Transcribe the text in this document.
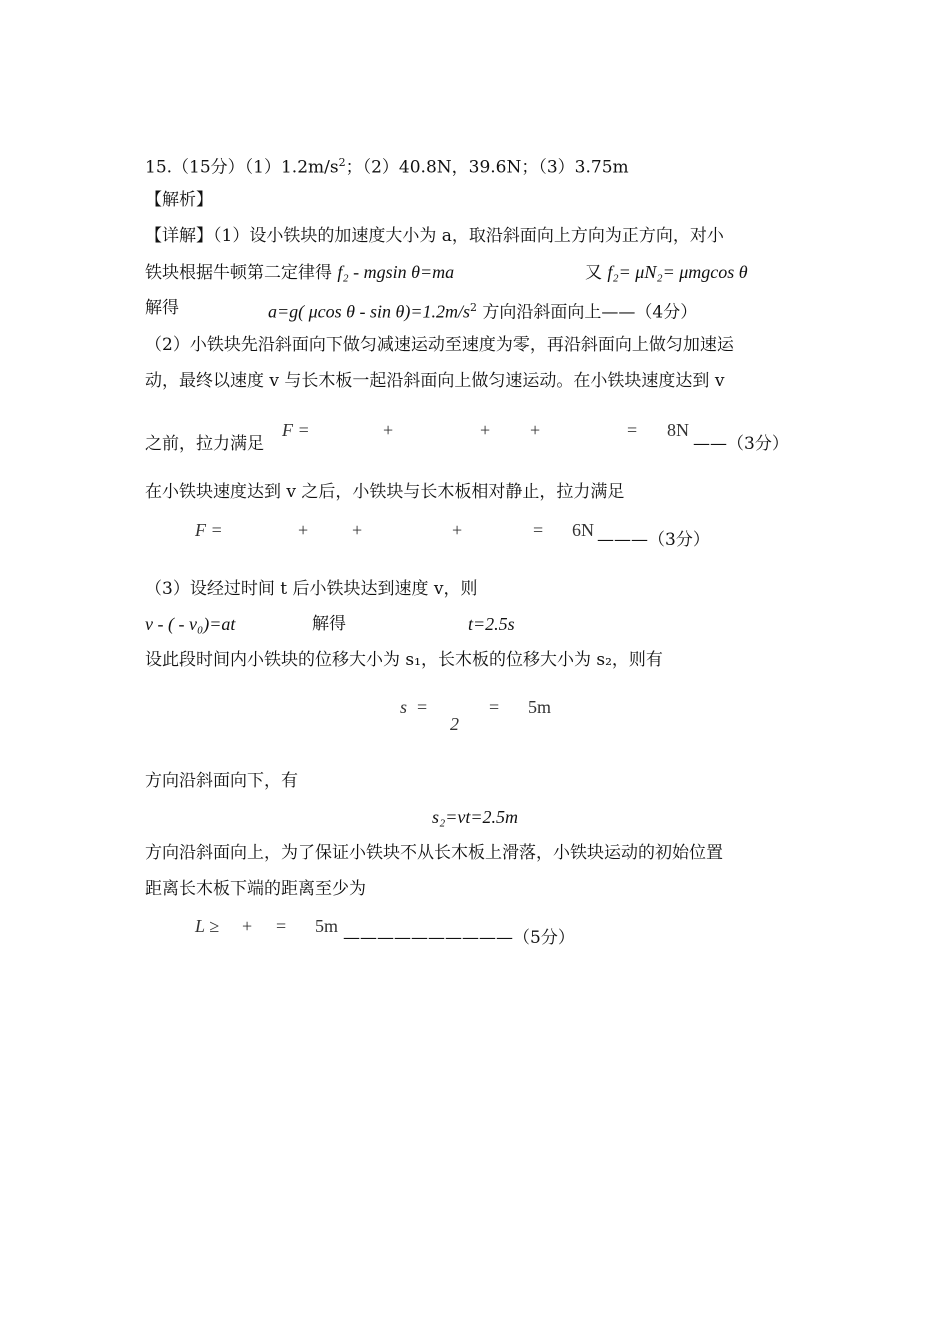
15.（15分）$(1)1.2m/s^2$；（2）40.8N，39.6N；（3）3.75m
【解析】
【详解】（1）设小铁块的加速度大小为 a，取沿斜面向上方向为正方向，对小
铁块根据牛顿第二定律得 f₂ - mgsin θ=ma	又 f₂= μN₂= μmgcos θ
解得	a=g( μcos $\theta - \sin \theta)=1.2m/s^2$ 方向沿斜面向上——（4分）
（2）小铁块先沿斜面向下做匀减速运动至速度为零，再沿斜面向上做匀加速运
动，最终以速度 v 与长木板一起沿斜面向上做匀速运动。在小铁块速度达到 v
之前，拉力满足
F =	+	+ +	= 8N
——（3分）
在小铁块速度达到 v 之后，小铁块与长木板相对静止，拉力满足
F =	+ +	+	= 6N ———（3分）
（3）设经过时间 t 后小铁块达到速度 v，则
v - ( - v₀)=at	解得	t=2.5s
设此段时间内小铁块的位移大小为 s₁，长木板的位移大小为 s₂，则有
s =
2
= 5m
方向沿斜面向下，有
s₂=vt=2.5m
方向沿斜面向上，为了保证小铁块不从长木板上滑落，小铁块运动的初始位置
距离长木板下端的距离至少为
L ≥ + = 5m
——————————（5分）
